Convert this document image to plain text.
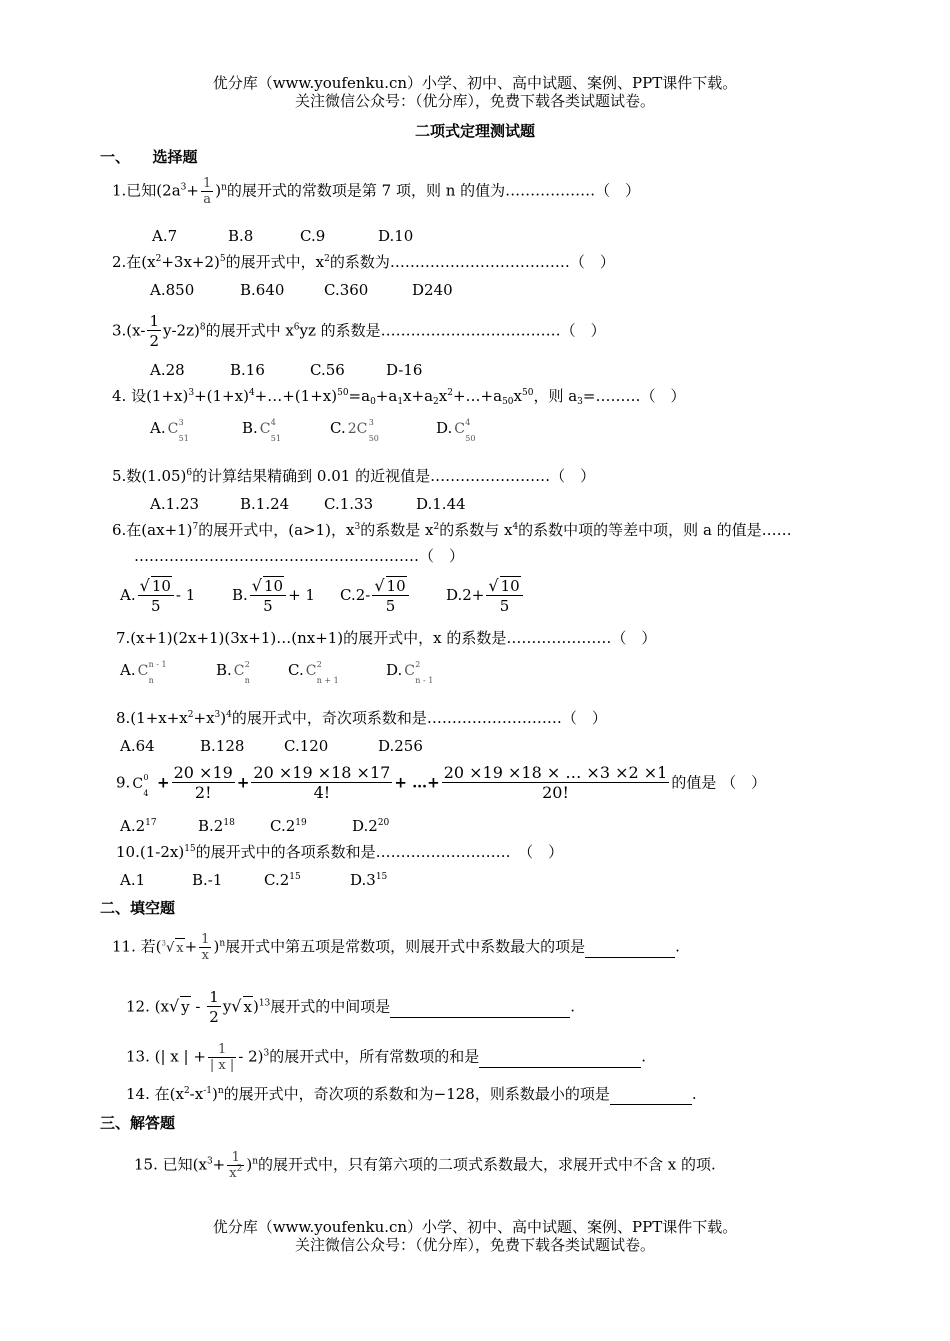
优分库（www.youfenku.cn）小学、初中、高中试题、案例、PPT课件下载。
关注微信公众号：（优分库），免费下载各类试题试卷。
二项式定理测试题
一、　　选择题
1.已知$(2a^3+ \frac{1}{a} )^n$的展开式的常数项是第 7 项，则 n 的值为………………（　）
A.7	B.8	C.9	D.10
2.在$(x^2+3x+2)^5$的展开式中，$x^2$的系数为………………………………（　）
A.850	B.640	C.360	D240
$3.(x- \frac{1}{2} y-2z)^8$的展开式中 $x^6yz$ 的系数是………………………………（　）
A.28	B.16	C.56	D-16
4. 设$(1+x)^3+(1+x)^4+\dots+(1+x)^{50}=a_0+a_1x+a_2x^2+\dots+a_{50}x^{50}$，则 $a_3=\dots\dots\dots$（　）
A. C 3
51
B. C 4
51
C. 2C 3
50
D. C 4
50
5.数$(1.05)^6$的计算结果精确到 0.01 的近视值是……………………（　）
A.1.23	B.1.24 C.1.33	D.1.44
6.在$(ax+1)^7$的展开式中，(a>1)，$x^3$的系数是 $x^2$的系数与 $x^4$的系数中项的等差中项，则 a 的值是……
…………………………………………………（　）
A. $\frac{√ 10}{5} - 1$ B. $\frac{√ 10}{5} + 1$ $C.2- \frac{√ 10}{5} D.2+ \frac{√ 10}{5}$
7.(x+1)(2x+1)(3x+1)…(nx+1)的展开式中，x 的系数是…………………（　）
A. C n - 1
n
B. C 2
n
C. C 2
n + 1
D. C 2
n - 1
$8.(1+x+x^2+x^3)^4$的展开式中，奇次项系数和是………………………（　）
A.64	B.128	C.120	D.256
9. C 0
4
+ $\frac{20 \times 19}{2!} + \frac{20 \times 19 \times 18 \times 17}{4!}$ + …+ $\frac{20 \times 19 \times 18 \times \dots \times 3 \times 2 \times 1}{20!}$ 的值是 （　）
$A.2^{17}$	$B.2^{18}$ $C.2^{19}$	$D.2^{20}$
$10.(1-2x)^{15}$的展开式中的各项系数和是………………………　（　）
A.1	B.-1	$C.2^{15}$	$D.3^{15}$
二、填空题
11. 若($^3$√ $x+ \frac{1}{x} )^n$展开式中第五项是常数项，则展开式中系数最大的项是	.
12. (x√ y - $\frac{1}{2} y√$ x)$^{13}$展开式的中间项是	.
13. (| x | + $\frac{1}{| x |} - 2)^3$的展开式中，所有常数项的和是	.
14. 在$(x^2-x^{-1})^n$的展开式中，奇次项的系数和为−128，则系数最小的项是	.
三、解答题
15. 已知$(x^3+ \frac{1}{x^2} )^n$的展开式中，只有第六项的二项式系数最大，求展开式中不含 x 的项.
优分库（www.youfenku.cn）小学、初中、高中试题、案例、PPT课件下载。
关注微信公众号：（优分库），免费下载各类试题试卷。
